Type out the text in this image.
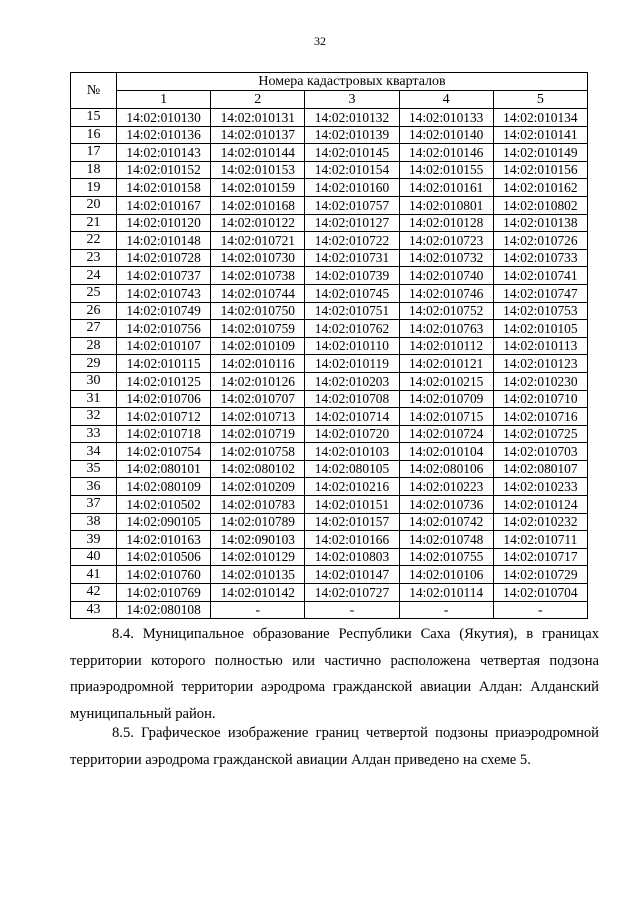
32
№	Номера кадастровых кварталов				
	1	2	3	4	5
15	14:02:010130	14:02:010131	14:02:010132	14:02:010133	14:02:010134
16	14:02:010136	14:02:010137	14:02:010139	14:02:010140	14:02:010141
17	14:02:010143	14:02:010144	14:02:010145	14:02:010146	14:02:010149
18	14:02:010152	14:02:010153	14:02:010154	14:02:010155	14:02:010156
19	14:02:010158	14:02:010159	14:02:010160	14:02:010161	14:02:010162
20	14:02:010167	14:02:010168	14:02:010757	14:02:010801	14:02:010802
21	14:02:010120	14:02:010122	14:02:010127	14:02:010128	14:02:010138
22	14:02:010148	14:02:010721	14:02:010722	14:02:010723	14:02:010726
23	14:02:010728	14:02:010730	14:02:010731	14:02:010732	14:02:010733
24	14:02:010737	14:02:010738	14:02:010739	14:02:010740	14:02:010741
25	14:02:010743	14:02:010744	14:02:010745	14:02:010746	14:02:010747
26	14:02:010749	14:02:010750	14:02:010751	14:02:010752	14:02:010753
27	14:02:010756	14:02:010759	14:02:010762	14:02:010763	14:02:010105
28	14:02:010107	14:02:010109	14:02:010110	14:02:010112	14:02:010113
29	14:02:010115	14:02:010116	14:02:010119	14:02:010121	14:02:010123
30	14:02:010125	14:02:010126	14:02:010203	14:02:010215	14:02:010230
31	14:02:010706	14:02:010707	14:02:010708	14:02:010709	14:02:010710
32	14:02:010712	14:02:010713	14:02:010714	14:02:010715	14:02:010716
33	14:02:010718	14:02:010719	14:02:010720	14:02:010724	14:02:010725
34	14:02:010754	14:02:010758	14:02:010103	14:02:010104	14:02:010703
35	14:02:080101	14:02:080102	14:02:080105	14:02:080106	14:02:080107
36	14:02:080109	14:02:010209	14:02:010216	14:02:010223	14:02:010233
37	14:02:010502	14:02:010783	14:02:010151	14:02:010736	14:02:010124
38	14:02:090105	14:02:010789	14:02:010157	14:02:010742	14:02:010232
39	14:02:010163	14:02:090103	14:02:010166	14:02:010748	14:02:010711
40	14:02:010506	14:02:010129	14:02:010803	14:02:010755	14:02:010717
41	14:02:010760	14:02:010135	14:02:010147	14:02:010106	14:02:010729
42	14:02:010769	14:02:010142	14:02:010727	14:02:010114	14:02:010704
43	14:02:080108	-	-	-	-
8.4. Муниципальное образование Республики Саха (Якутия), в границах территории которого полностью или частично расположена четвертая подзона приаэродромной территории аэродрома гражданской авиации Алдан: Алданский муниципальный район.
8.5. Графическое изображение границ четвертой подзоны приаэродромной территории аэродрома гражданской авиации Алдан приведено на схеме 5.
